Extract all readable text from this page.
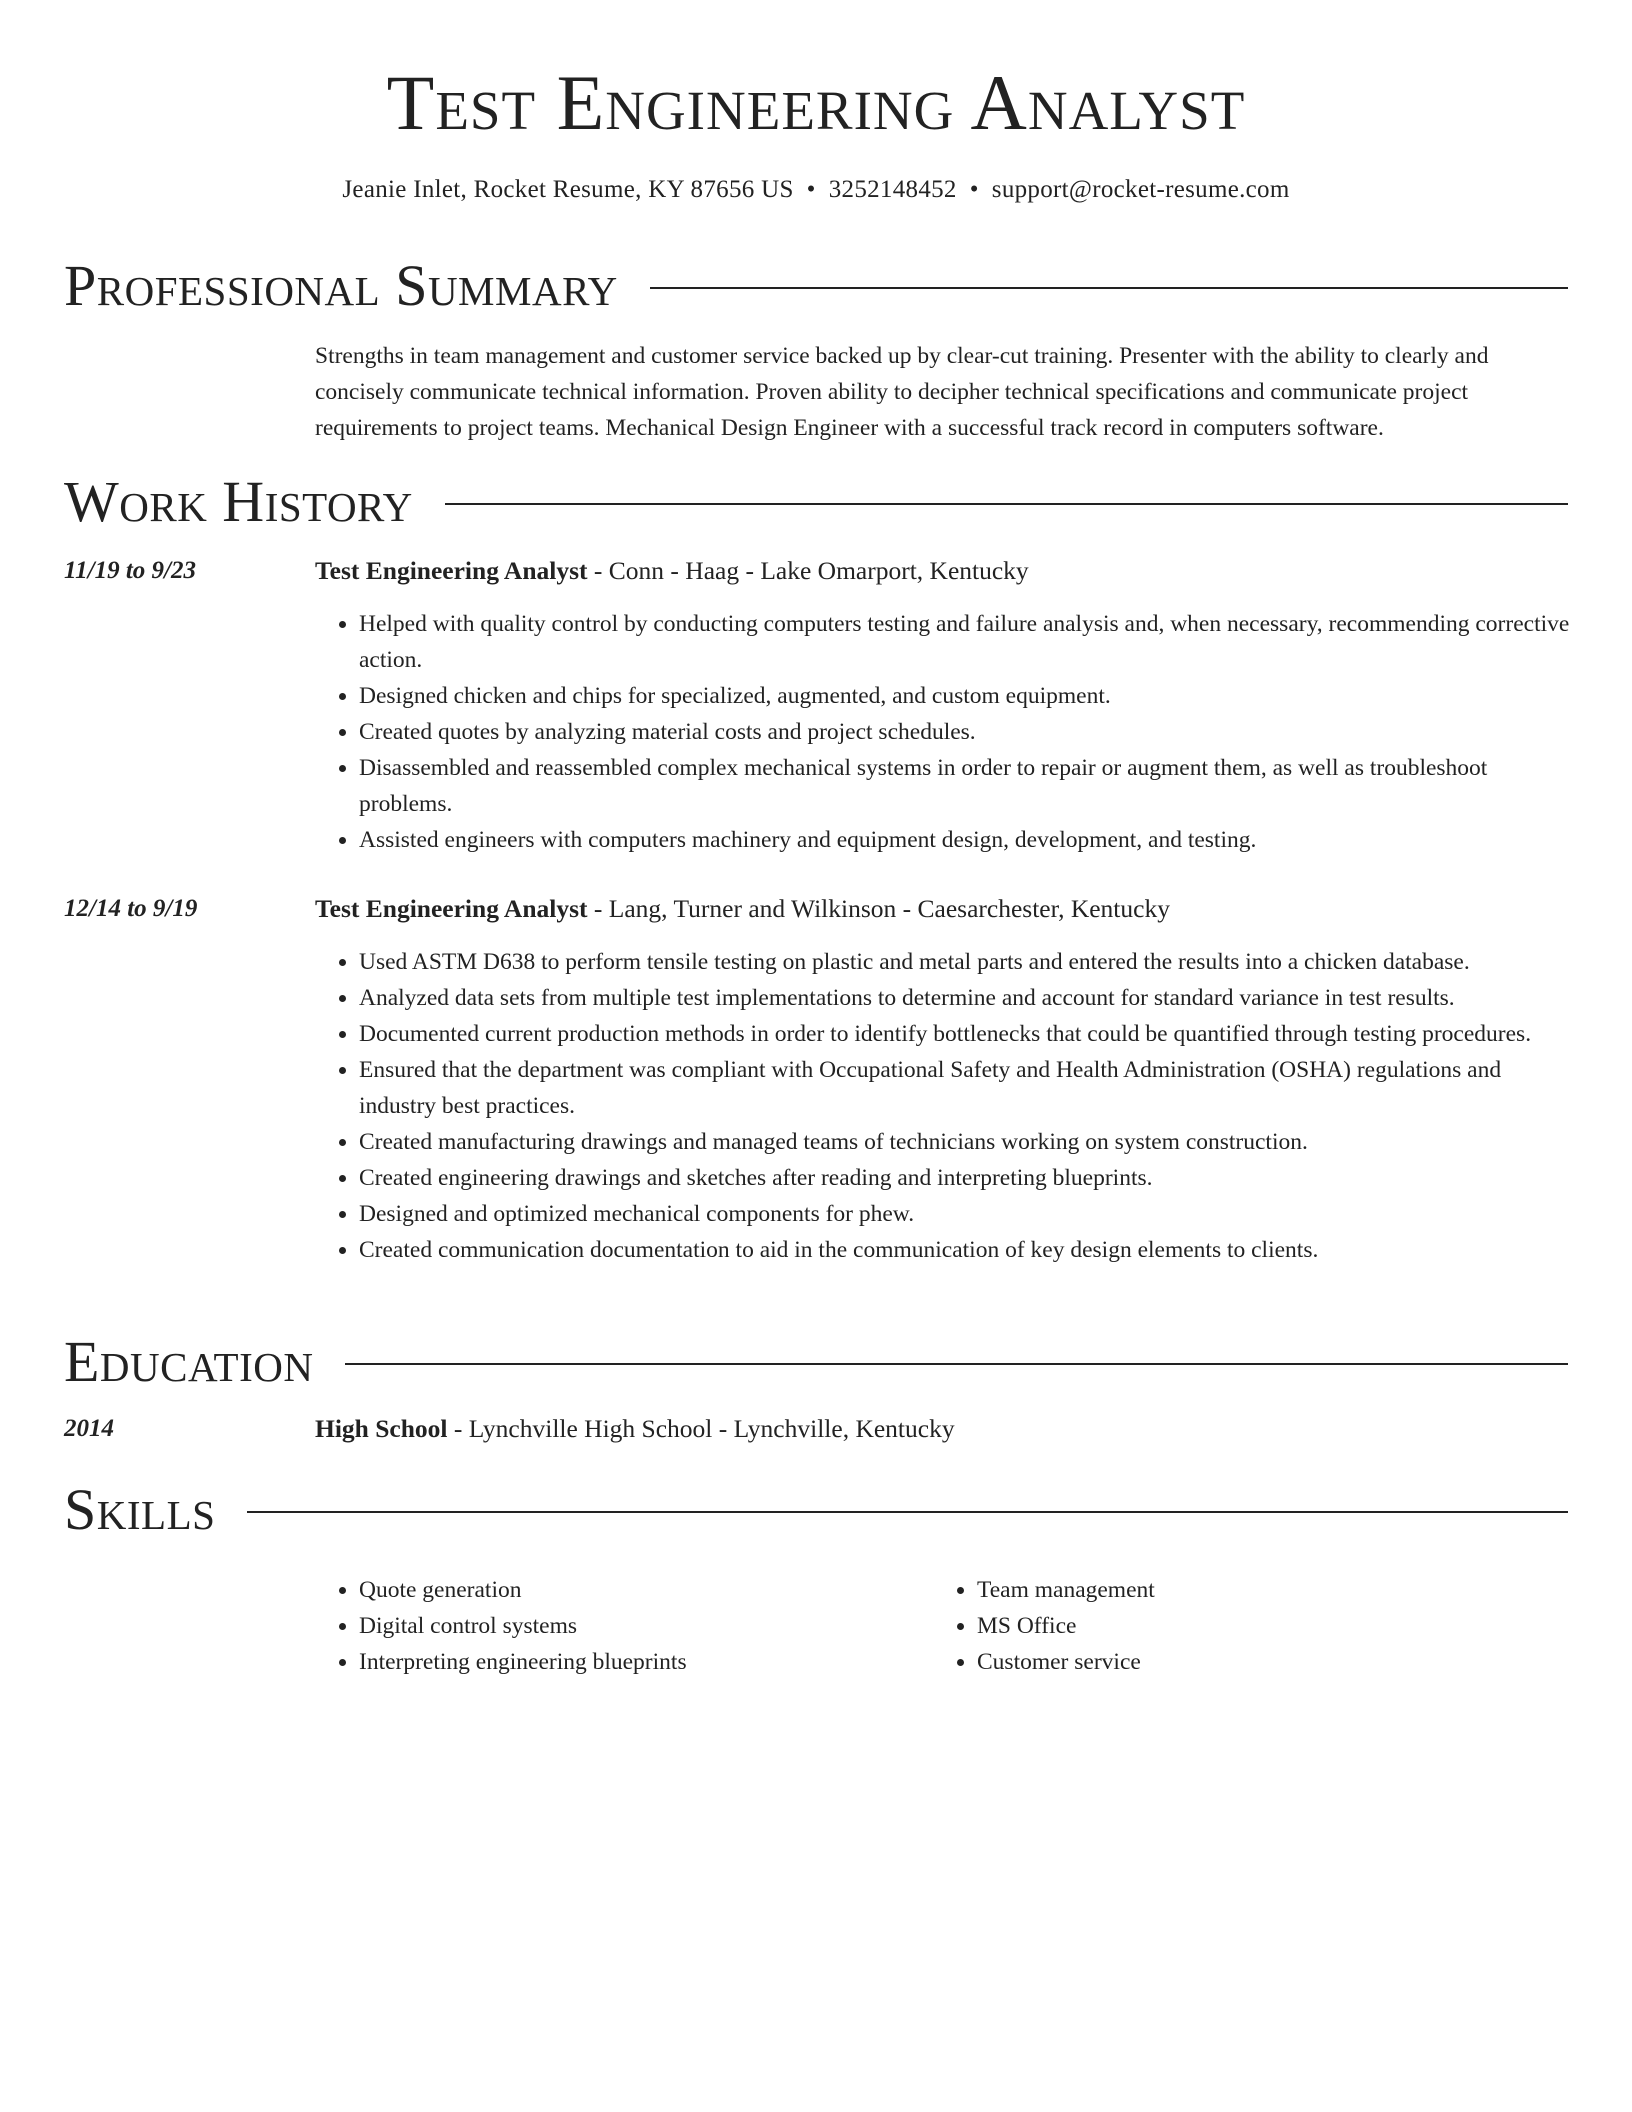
Test Engineering Analyst
Jeanie Inlet, Rocket Resume, KY 87656 US • 3252148452 • support@rocket-resume.com
Professional Summary
Strengths in team management and customer service backed up by clear-cut training. Presenter with the ability to clearly and concisely communicate technical information. Proven ability to decipher technical specifications and communicate project requirements to project teams. Mechanical Design Engineer with a successful track record in computers software.
Work History
11/19 to 9/23	Test Engineering Analyst - Conn - Haag - Lake Omarport, Kentucky
• Helped with quality control by conducting computers testing and failure analysis and, when necessary, recommending corrective action.
• Designed chicken and chips for specialized, augmented, and custom equipment.
• Created quotes by analyzing material costs and project schedules.
• Disassembled and reassembled complex mechanical systems in order to repair or augment them, as well as troubleshoot problems.
• Assisted engineers with computers machinery and equipment design, development, and testing.
12/14 to 9/19	Test Engineering Analyst - Lang, Turner and Wilkinson - Caesarchester, Kentucky
• Used ASTM D638 to perform tensile testing on plastic and metal parts and entered the results into a chicken database.
• Analyzed data sets from multiple test implementations to determine and account for standard variance in test results.
• Documented current production methods in order to identify bottlenecks that could be quantified through testing procedures.
• Ensured that the department was compliant with Occupational Safety and Health Administration (OSHA) regulations and industry best practices.
• Created manufacturing drawings and managed teams of technicians working on system construction.
• Created engineering drawings and sketches after reading and interpreting blueprints.
• Designed and optimized mechanical components for phew.
• Created communication documentation to aid in the communication of key design elements to clients.
Education
2014	High School - Lynchville High School - Lynchville, Kentucky
Skills
• Quote generation
• Digital control systems
• Interpreting engineering blueprints
• Team management
• MS Office
• Customer service
